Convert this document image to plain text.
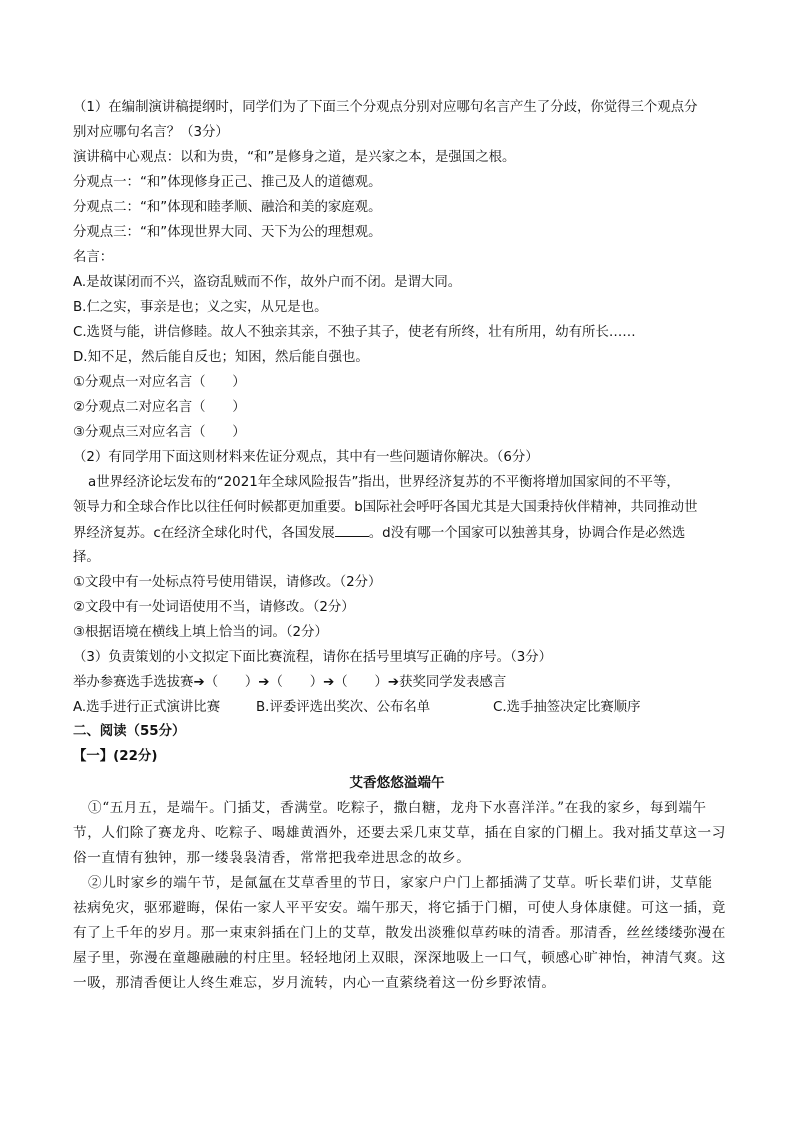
（1）在编制演讲稿提纲时，同学们为了下面三个分观点分别对应哪句名言产生了分歧，你觉得三个观点分
别对应哪句名言？（3分）
演讲稿中心观点：以和为贵，“和”是修身之道，是兴家之本，是强国之根。
分观点一：“和”体现修身正己、推己及人的道德观。
分观点二：“和”体现和睦孝顺、融洽和美的家庭观。
分观点三：“和”体现世界大同、天下为公的理想观。
名言：
A.是故谋闭而不兴，盗窃乱贼而不作，故外户而不闭。是谓大同。
B.仁之实，事亲是也；义之实，从兄是也。
C.选贤与能，讲信修睦。故人不独亲其亲，不独子其子，使老有所终，壮有所用，幼有所长……
D.知不足，然后能自反也；知困，然后能自强也。
①分观点一对应名言（　　）
②分观点二对应名言（　　）
③分观点三对应名言（　　）
（2）有同学用下面这则材料来佐证分观点，其中有一些问题请你解决。（6分）
a世界经济论坛发布的“2021年全球风险报告”指出，世界经济复苏的不平衡将增加国家间的不平等，
领导力和全球合作比以往任何时候都更加重要。b国际社会呼吁各国尤其是大国秉持伙伴精神，共同推动世
界经济复苏。c在经济全球化时代，各国发展	。d没有哪一个国家可以独善其身，协调合作是必然选
择。
①文段中有一处标点符号使用错误，请修改。（2分）
②文段中有一处词语使用不当，请修改。（2分）
③根据语境在横线上填上恰当的词。（2分）
（3）负责策划的小文拟定下面比赛流程，请你在括号里填写正确的序号。（3分）
举办参赛选手选拔赛➔（　　）➔（　　）➔（　　）➔获奖同学发表感言
A.选手进行正式演讲比赛	B.评委评选出奖次、公布名单	C.选手抽签决定比赛顺序
二、阅读（55分）
【一】(22分)
艾香悠悠溢端午
①“五月五，是端午。门插艾，香满堂。吃粽子，撒白糖，龙舟下水喜洋洋。”在我的家乡，每到端午
节，人们除了赛龙舟、吃粽子、喝雄黄酒外，还要去采几束艾草，插在自家的门楣上。我对插艾草这一习
俗一直情有独钟，那一缕袅袅清香，常常把我牵进思念的故乡。
②儿时家乡的端午节，是氤氲在艾草香里的节日，家家户户门上都插满了艾草。听长辈们讲，艾草能
祛病免灾，驱邪避晦，保佑一家人平平安安。端午那天，将它插于门楣，可使人身体康健。可这一插，竟
有了上千年的岁月。那一束束斜插在门上的艾草，散发出淡雅似草药味的清香。那清香，丝丝缕缕弥漫在
屋子里，弥漫在童趣融融的村庄里。轻轻地闭上双眼，深深地吸上一口气，顿感心旷神怡，神清气爽。这
一吸，那清香便让人终生难忘，岁月流转，内心一直萦绕着这一份乡野浓情。
